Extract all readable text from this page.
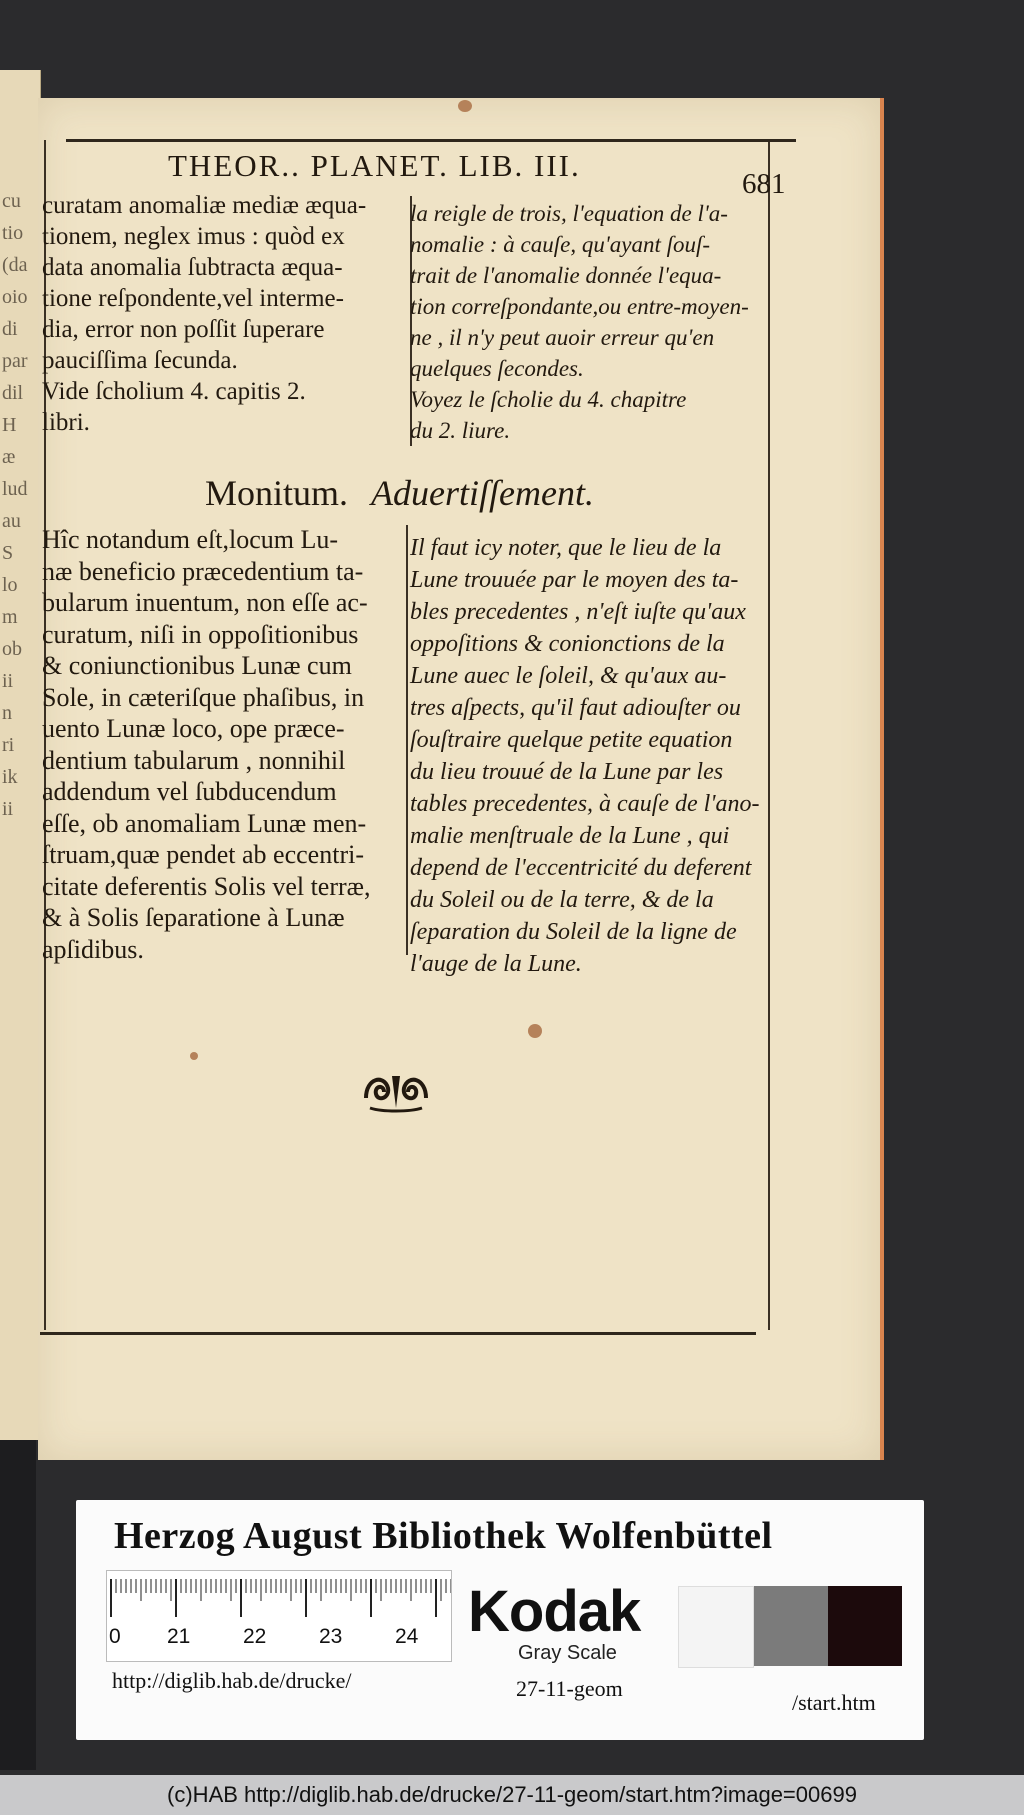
cu
tio
(da
oio
di
par
dil
H
æ
lud
au
S
lo
m
ob
ii
n
ri
ik
ii
THEOR.. PLANET. LIB. III.
681
curatam anomaliæ mediæ æqua-
tionem, neglex imus : quòd ex
data anomalia ſubtracta æqua-
tione reſpondente,vel interme-
dia, error non poſſit ſuperare
pauciſſima ſecunda.
Vide ſcholium 4. capitis 2.
libri.
la reigle de trois, l'equation de l'a-
nomalie : à cauſe, qu'ayant ſouſ-
trait de l'anomalie donnée l'equa-
tion correſpondante,ou entre-moyen-
ne , il n'y peut auoir erreur qu'en
quelques ſecondes.
Voyez le ſcholie du 4. chapitre
du 2. liure.
Monitum. Aduertiſſement.
Hîc notandum eſt,locum Lu-
næ beneficio præcedentium ta-
bularum inuentum, non eſſe ac-
curatum, niſi in oppoſitionibus
& coniunctionibus Lunæ cum
Sole, in cæteriſque phaſibus, in
uento Lunæ loco, ope præce-
dentium tabularum , nonnihil
addendum vel ſubducendum
eſſe, ob anomaliam Lunæ men-
ſtruam,quæ pendet ab eccentri-
citate deferentis Solis vel terræ,
& à Solis ſeparatione à Lunæ
apſidibus.
Il faut icy noter, que le lieu de la
Lune trouuée par le moyen des ta-
bles precedentes , n'eſt iuſte qu'aux
oppoſitions & conionctions de la
Lune auec le ſoleil, & qu'aux au-
tres aſpects, qu'il faut adiouſter ou
ſouſtraire quelque petite equation
du lieu trouué de la Lune par les
tables precedentes, à cauſe de l'ano-
malie menſtruale de la Lune , qui
depend de l'eccentricité du deferent
du Soleil ou de la terre, & de la
ſeparation du Soleil de la ligne de
l'auge de la Lune.
Herzog August Bibliothek Wolfenbüttel
0 21	22	23	24 Kodak
Gray Scale
http://diglib.hab.de/drucke/	27-11-geom
/start.htm
(c)HAB http://diglib.hab.de/drucke/27-11-geom/start.htm?image=00699
